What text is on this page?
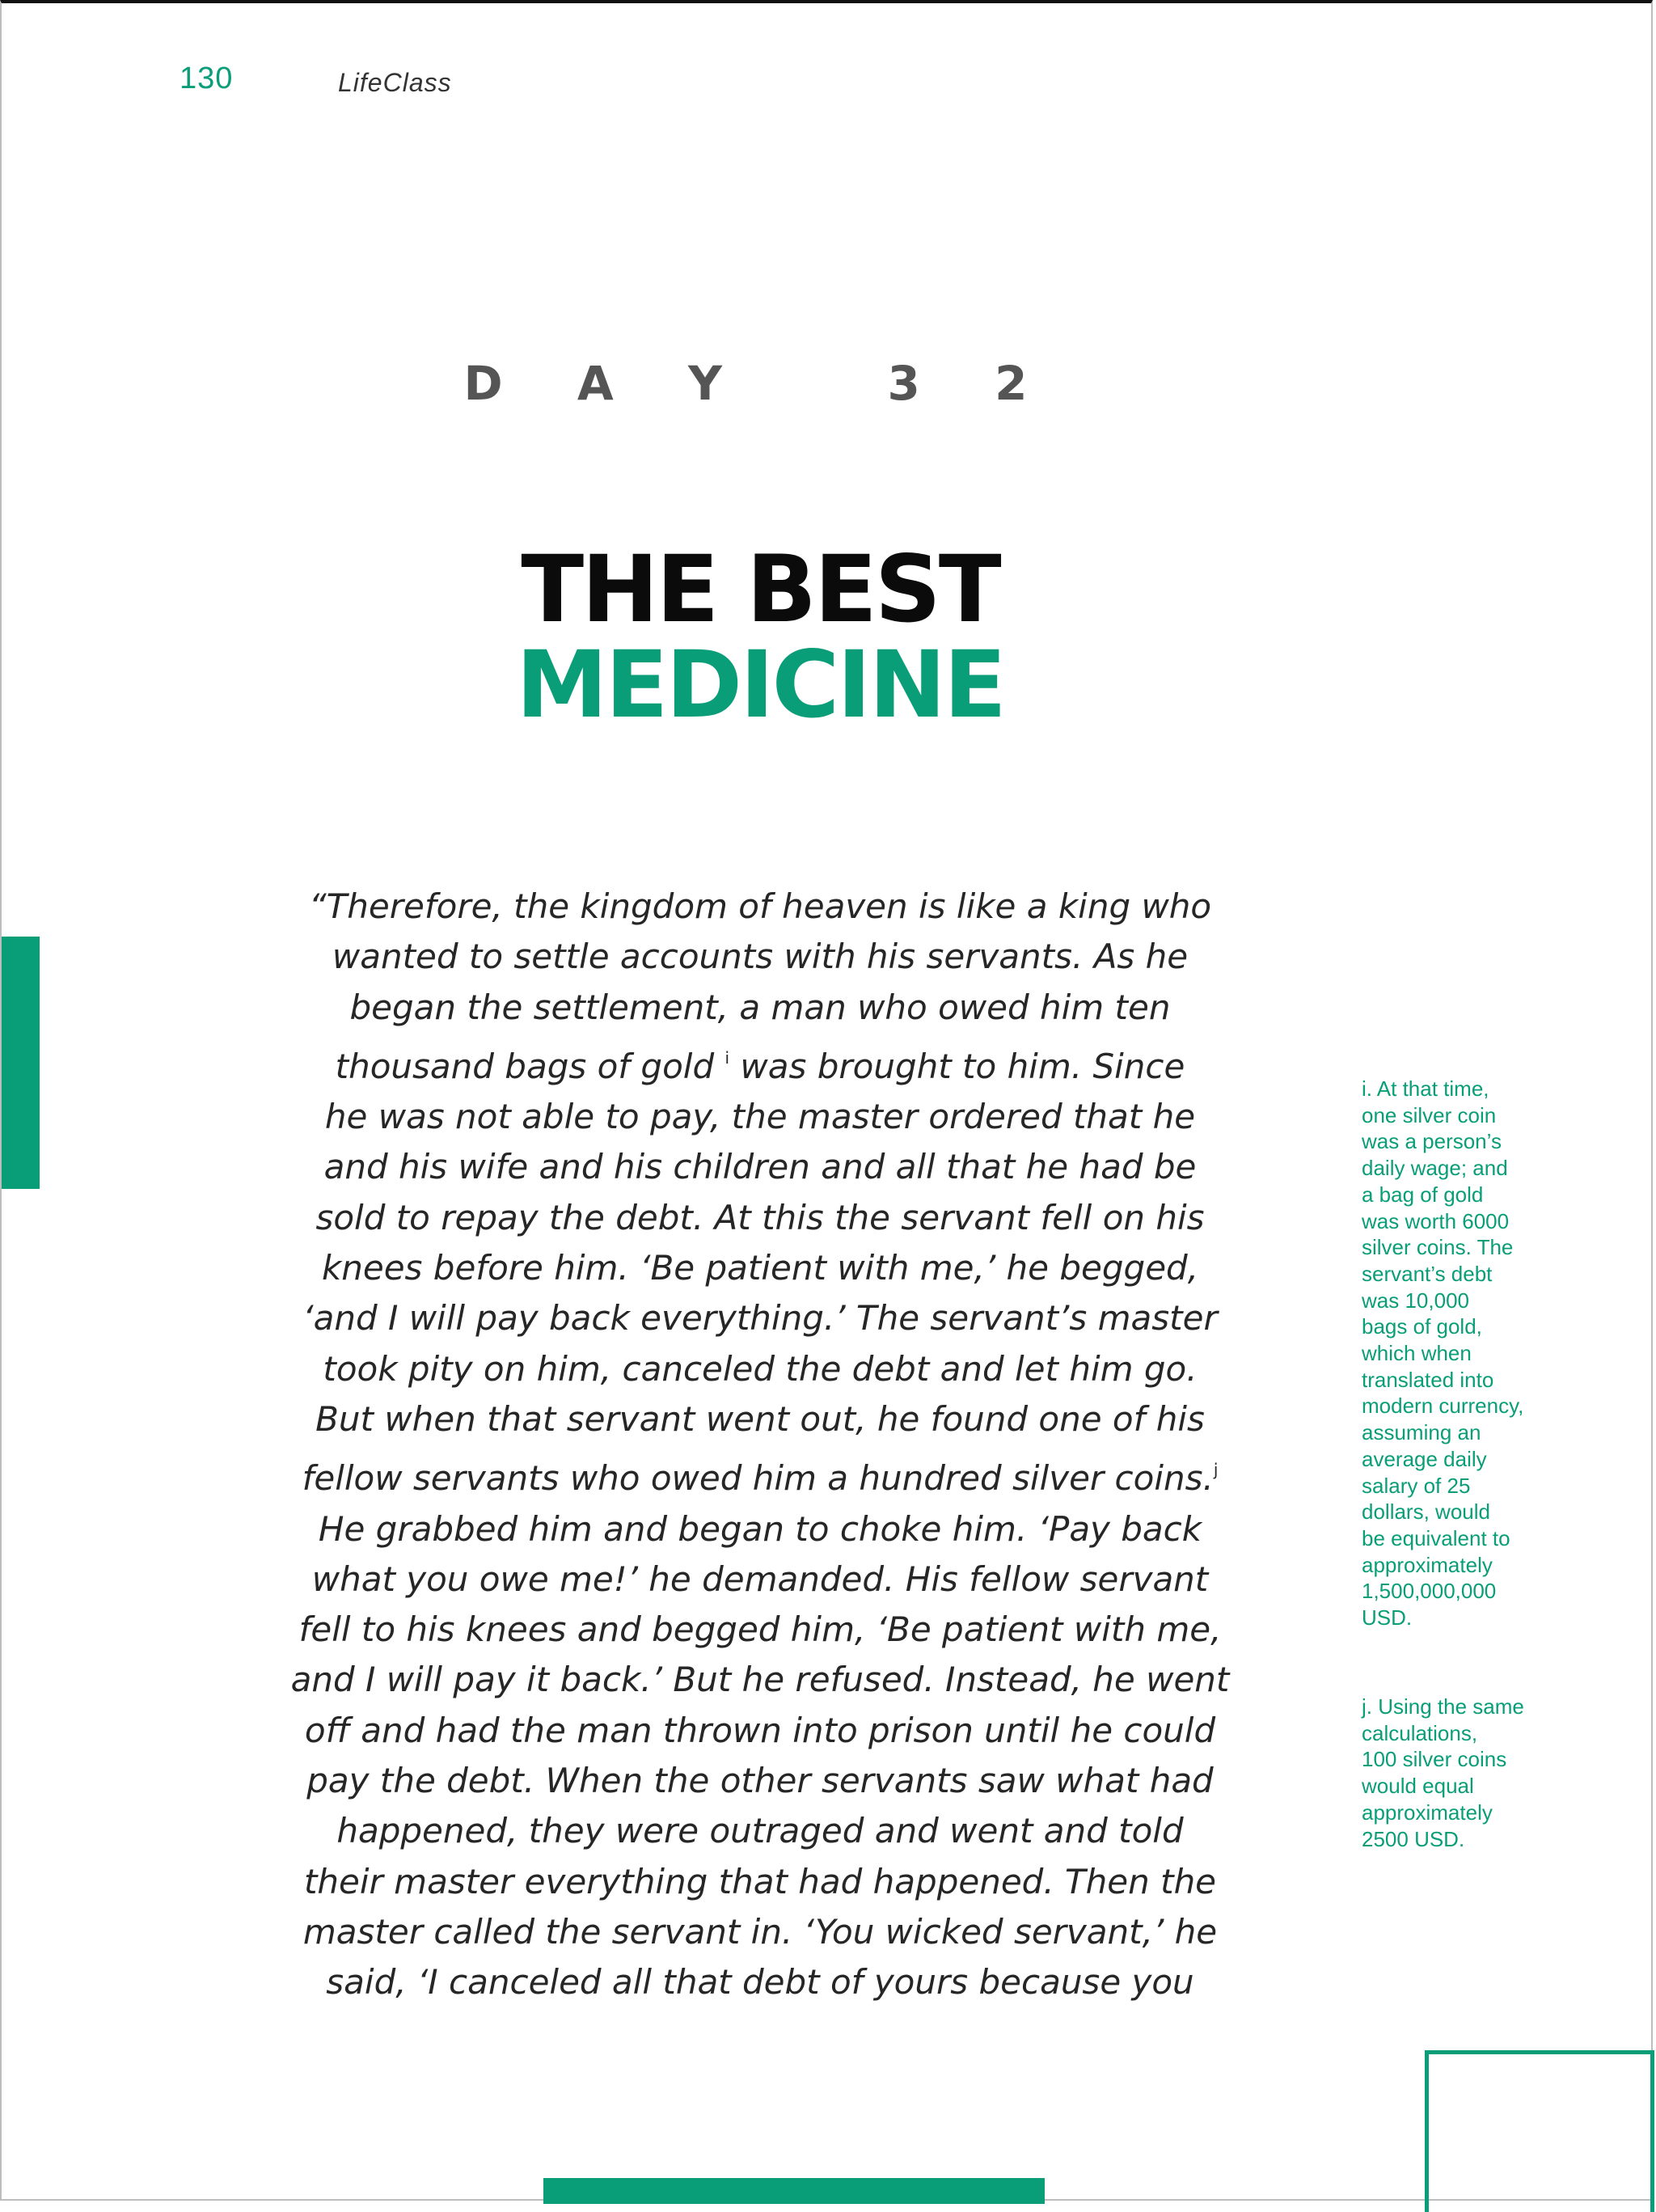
130	LifeClass
D A Y   3 2
THE BEST
MEDICINE
“Therefore, the kingdom of heaven is like a king who
wanted to settle accounts with his servants. As he
began the settlement, a man who owed him ten
thousand bags of gold $^i$ was brought to him. Since
he was not able to pay, the master ordered that he
and his wife and his children and all that he had be
sold to repay the debt. At this the servant fell on his
knees before him. ‘Be patient with me,’ he begged,
‘and I will pay back everything.’ The servant’s master
took pity on him, canceled the debt and let him go.
But when that servant went out, he found one of his
fellow servants who owed him a hundred silver coins.$^j$
He grabbed him and began to choke him. ‘Pay back
what you owe me!’ he demanded. His fellow servant
fell to his knees and begged him, ‘Be patient with me,
and I will pay it back.’ But he refused. Instead, he went
off and had the man thrown into prison until he could
pay the debt. When the other servants saw what had
happened, they were outraged and went and told
their master everything that had happened. Then the
master called the servant in. ‘You wicked servant,’ he
said, ‘I canceled all that debt of yours because you
i. At that time,
one silver coin
was a person’s
daily wage; and
a bag of gold
was worth 6000
silver coins. The
servant’s debt
was 10,000
bags of gold,
which when
translated into
modern currency,
assuming an
average daily
salary of 25
dollars, would
be equivalent to
approximately
1,500,000,000
USD.
j. Using the same
calculations,
100 silver coins
would equal
approximately
2500 USD.
